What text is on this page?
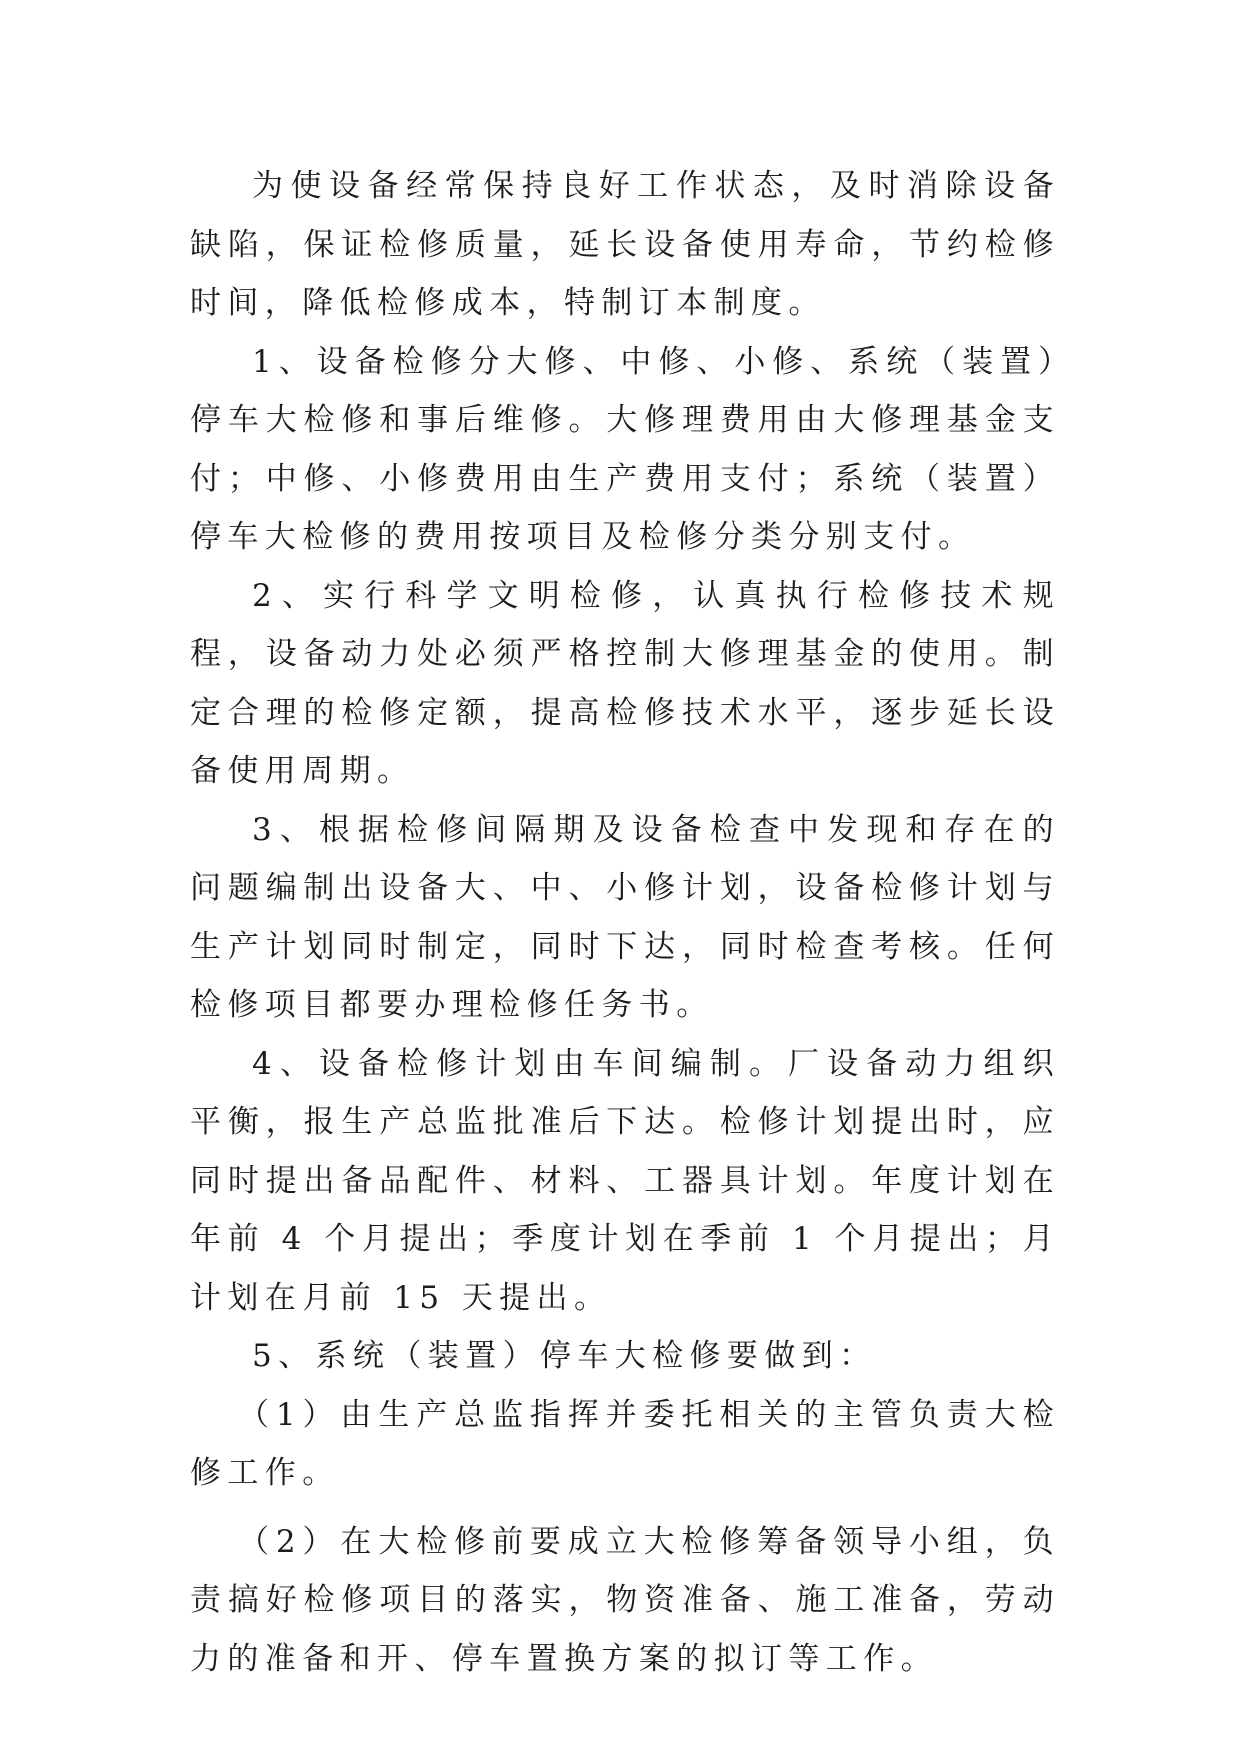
为使设备经常保持良好工作状态，及时消除设备缺陷，保证检修质量，延长设备使用寿命，节约检修时间，降低检修成本，特制订本制度。

1、设备检修分大修、中修、小修、系统（装置）停车大检修和事后维修。大修理费用由大修理基金支付；中修、小修费用由生产费用支付；系统（装置）停车大检修的费用按项目及检修分类分别支付。

2、实行科学文明检修，认真执行检修技术规程，设备动力处必须严格控制大修理基金的使用。制定合理的检修定额，提高检修技术水平，逐步延长设备使用周期。

3、根据检修间隔期及设备检查中发现和存在的问题编制出设备大、中、小修计划，设备检修计划与生产计划同时制定，同时下达，同时检查考核。任何检修项目都要办理检修任务书。

4、设备检修计划由车间编制。厂设备动力组织平衡，报生产总监批准后下达。检修计划提出时，应同时提出备品配件、材料、工器具计划。年度计划在年前 4 个月提出；季度计划在季前 1 个月提出；月计划在月前 15 天提出。

5、系统（装置）停车大检修要做到：

（1）由生产总监指挥并委托相关的主管负责大检修工作。

（2）在大检修前要成立大检修筹备领导小组，负责搞好检修项目的落实，物资准备、施工准备，劳动力的准备和开、停车置换方案的拟订等工作。
